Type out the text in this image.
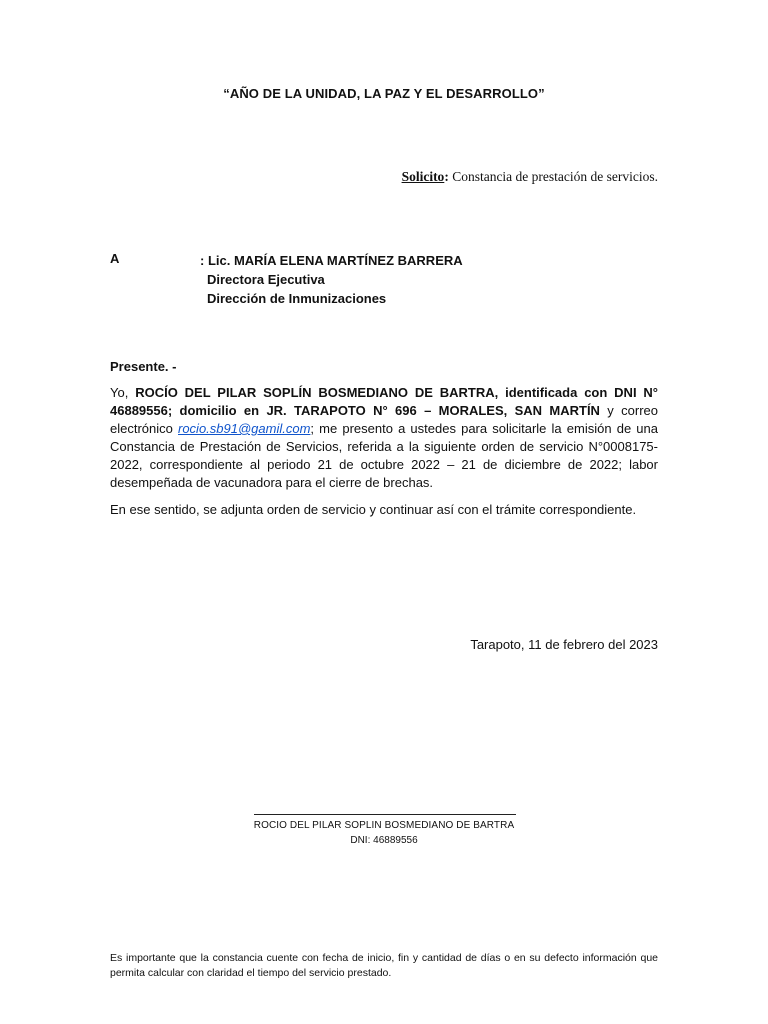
“AÑO DE LA UNIDAD, LA PAZ Y EL DESARROLLO”
Solicito: Constancia de prestación de servicios.
A	: Lic. MARÍA ELENA MARTÍNEZ BARRERA
Directora Ejecutiva
Dirección de Inmunizaciones
Presente. -
Yo, ROCÍO DEL PILAR SOPLÍN BOSMEDIANO DE BARTRA, identificada con DNI N° 46889556; domicilio en JR. TARAPOTO N° 696 – MORALES, SAN MARTÍN y correo electrónico rocio.sb91@gamil.com; me presento a ustedes para solicitarle la emisión de una Constancia de Prestación de Servicios, referida a la siguiente orden de servicio N°0008175-2022, correspondiente al periodo 21 de octubre 2022 – 21 de diciembre de 2022; labor desempeñada de vacunadora para el cierre de brechas.
En ese sentido, se adjunta orden de servicio y continuar así con el trámite correspondiente.
Tarapoto, 11 de febrero del 2023
ROCIO DEL PILAR SOPLIN BOSMEDIANO DE BARTRA
DNI: 46889556
Es importante que la constancia cuente con fecha de inicio, fin y cantidad de días o en su defecto información que permita calcular con claridad el tiempo del servicio prestado.
